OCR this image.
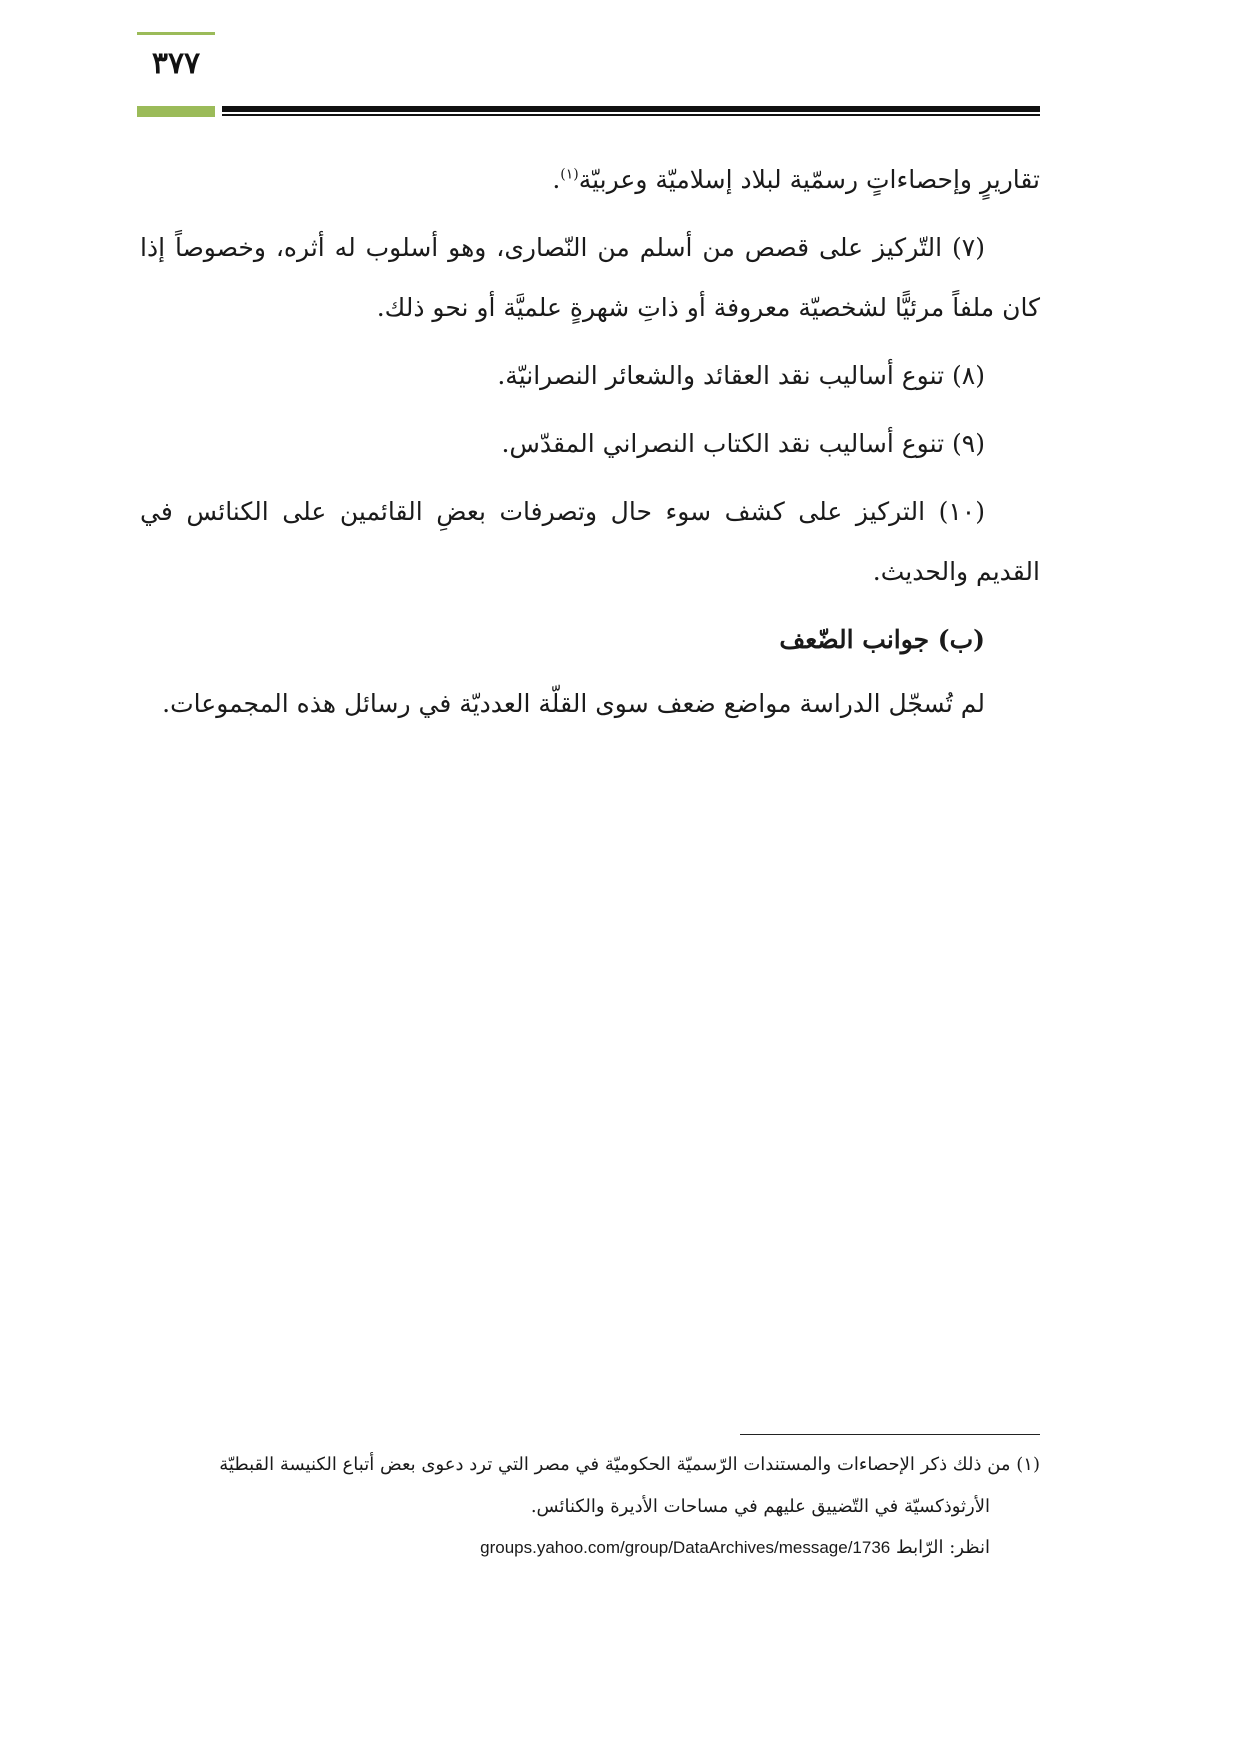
٣٧٧

تقاريرٍ وإحصاءاتٍ رسمّية لبلاد إسلاميّة وعربيّة$^{(١)}$.

(٧) التّركيز على قصص من أسلم من النّصارى، وهو أسلوب له أثره، وخصوصاً إذا كان ملفاً مرئيًّا لشخصيّة معروفة أو ذاتِ شهرةٍ علميَّة أو نحو ذلك.

(٨) تنوع أساليب نقد العقائد والشعائر النصرانيّة.

(٩) تنوع أساليب نقد الكتاب النصراني المقدّس.

(١٠) التركيز على كشف سوء حال وتصرفات بعضِ القائمين على الكنائس في القديم والحديث.

(ب) جوانب الضّعف

لم تُسجّل الدراسة مواضع ضعف سوى القلّة العدديّة في رسائل هذه المجموعات.

(١) من ذلك ذكر الإحصاءات والمستندات الرّسميّة الحكوميّة في مصر التي ترد دعوى بعض أتباع الكنيسة القبطيّة

الأرثوذكسيّة في التّضييق عليهم في مساحات الأديرة والكنائس.

انظر: الرّابط groups.yahoo.com/group/DataArchives/message/1736
